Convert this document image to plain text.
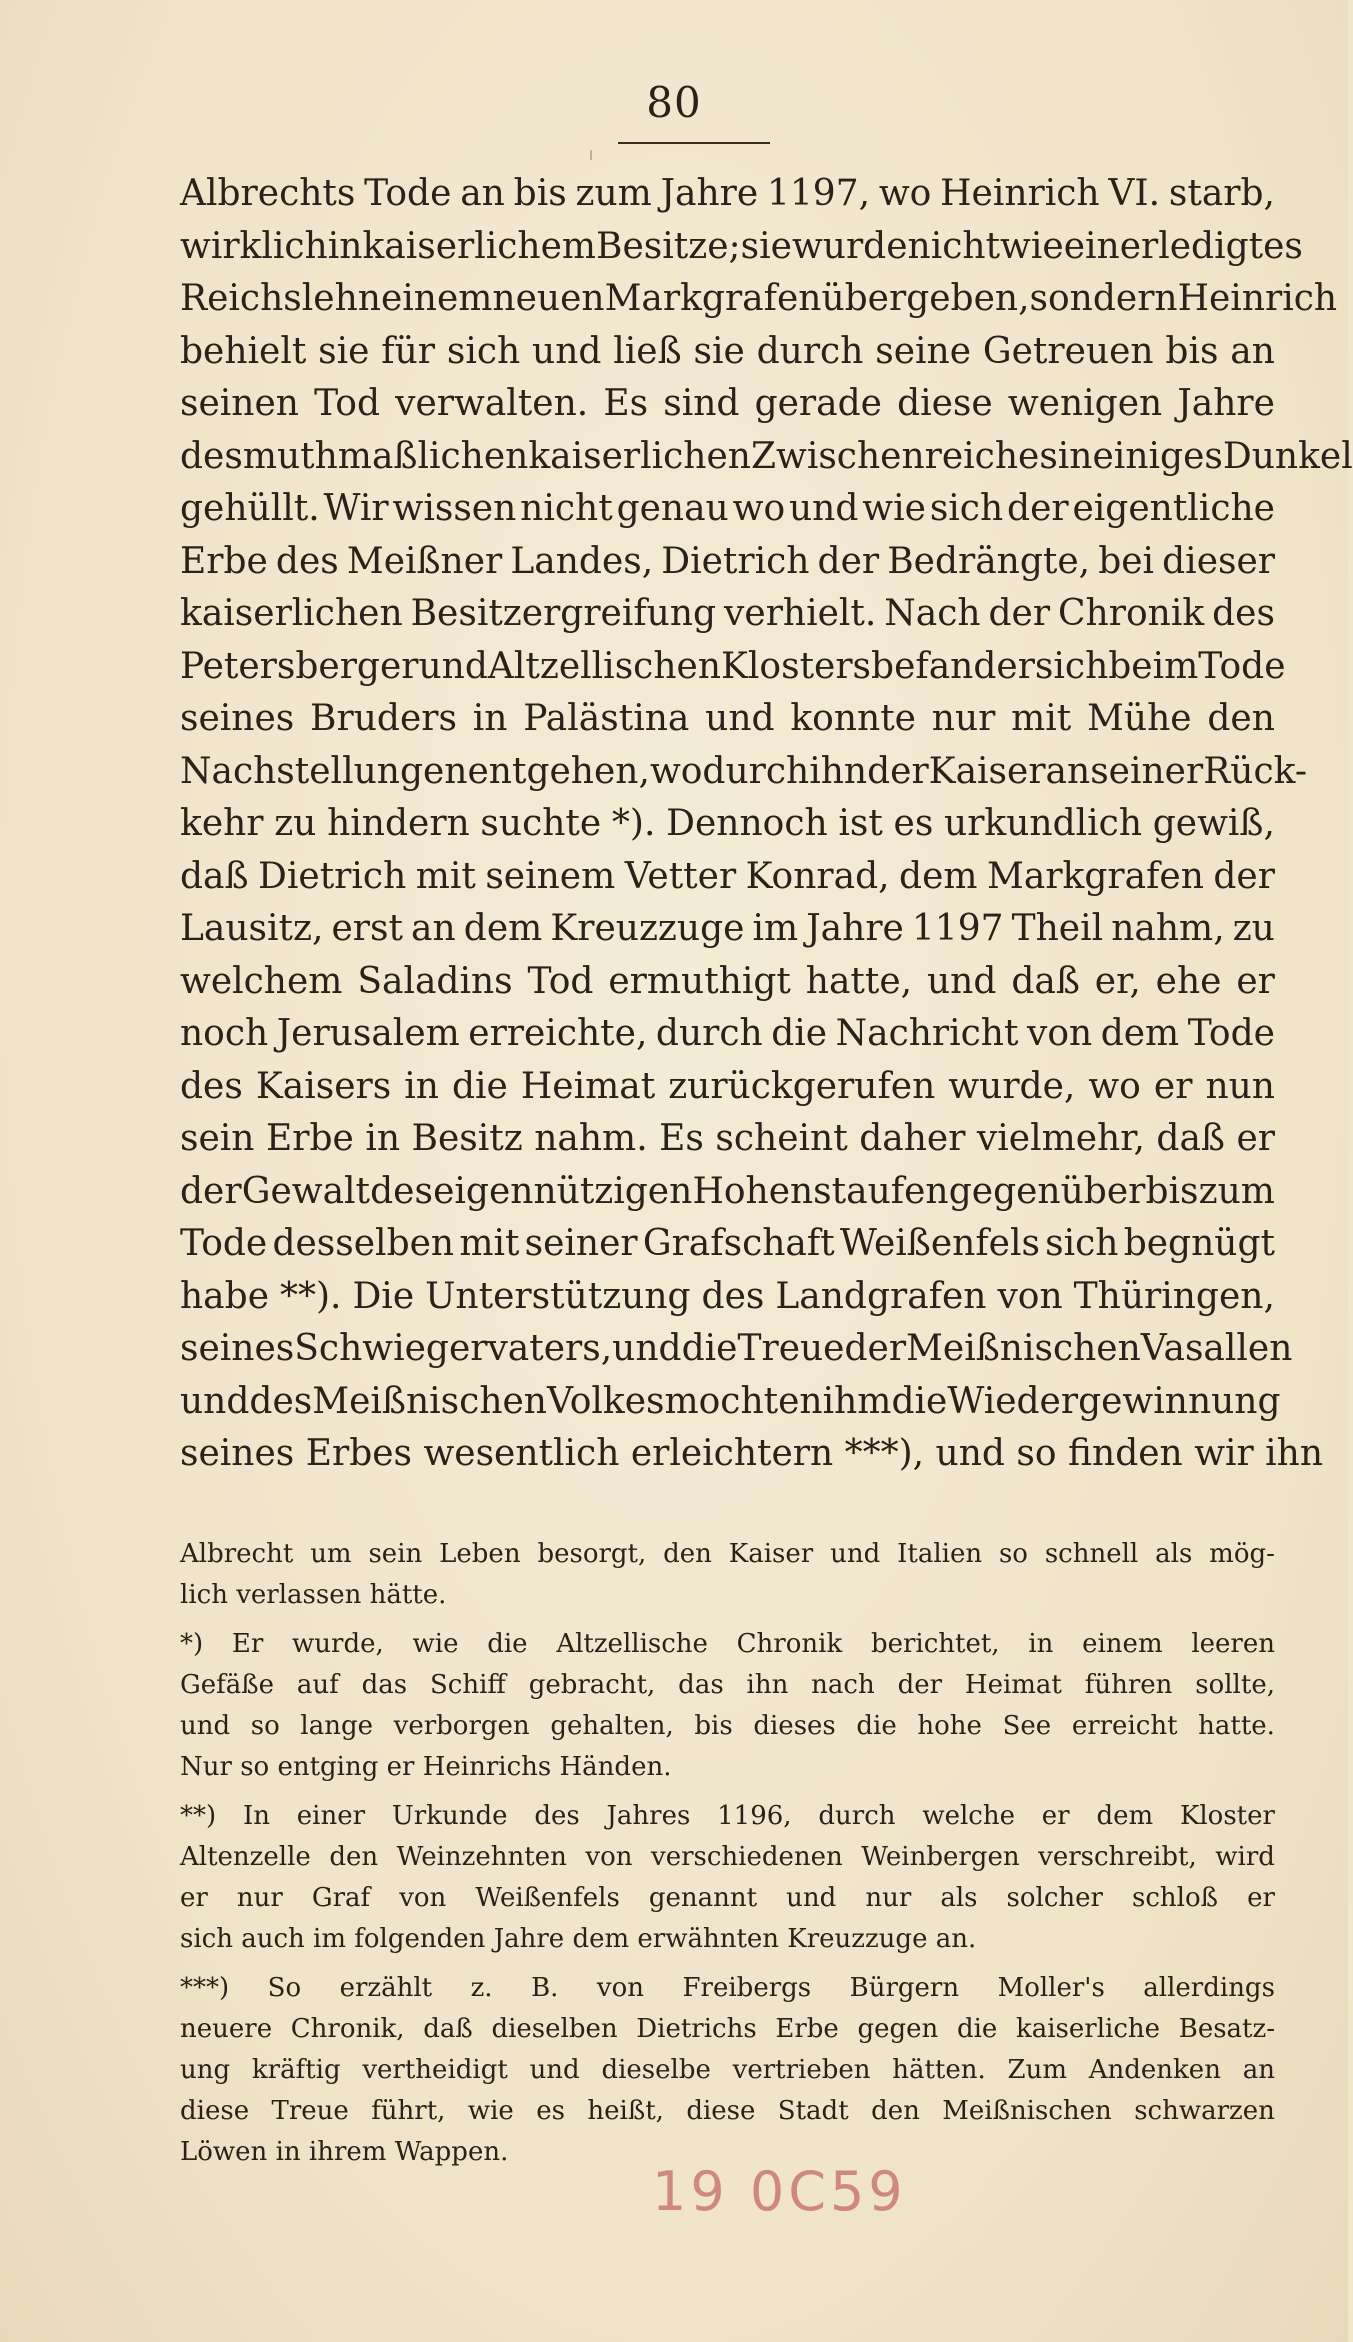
80
Albrechts Tode an bis zum Jahre 1197, wo Heinrich VI. starb,
wirklich in kaiserlichem Besitze; sie wurde nicht wie ein erledigtes
Reichslehn einem neuen Markgrafen übergeben, sondern Heinrich
behielt sie für sich und ließ sie durch seine Getreuen bis an
seinen Tod verwalten. Es sind gerade diese wenigen Jahre
des muthmaßlichen kaiserlichen Zwischenreiches in einiges Dunkel
gehüllt. Wir wissen nicht genau wo und wie sich der eigentliche
Erbe des Meißner Landes, Dietrich der Bedrängte, bei dieser
kaiserlichen Besitzergreifung verhielt. Nach der Chronik des
Petersberger und Altzellischen Klosters befand er sich beim Tode
seines Bruders in Palästina und konnte nur mit Mühe den
Nachstellungen entgehen, wodurch ihn der Kaiser an seiner Rück-
kehr zu hindern suchte *). Dennoch ist es urkundlich gewiß,
daß Dietrich mit seinem Vetter Konrad, dem Markgrafen der
Lausitz, erst an dem Kreuzzuge im Jahre 1197 Theil nahm, zu
welchem Saladins Tod ermuthigt hatte, und daß er, ehe er
noch Jerusalem erreichte, durch die Nachricht von dem Tode
des Kaisers in die Heimat zurückgerufen wurde, wo er nun
sein Erbe in Besitz nahm. Es scheint daher vielmehr, daß er
der Gewalt des eigennützigen Hohenstaufen gegenüber bis zum
Tode desselben mit seiner Grafschaft Weißenfels sich begnügt
habe **). Die Unterstützung des Landgrafen von Thüringen,
seines Schwiegervaters, und die Treue der Meißnischen Vasallen
und des Meißnischen Volkes mochten ihm die Wiedergewinnung
seines Erbes wesentlich erleichtern ***), und so finden wir ihn
Albrecht um sein Leben besorgt, den Kaiser und Italien so schnell als mög-
lich verlassen hätte.
*) Er wurde, wie die Altzellische Chronik berichtet, in einem leeren
Gefäße auf das Schiff gebracht, das ihn nach der Heimat führen sollte,
und so lange verborgen gehalten, bis dieses die hohe See erreicht hatte.
Nur so entging er Heinrichs Händen.
**) In einer Urkunde des Jahres 1196, durch welche er dem Kloster
Altenzelle den Weinzehnten von verschiedenen Weinbergen verschreibt, wird
er nur Graf von Weißenfels genannt und nur als solcher schloß er
sich auch im folgenden Jahre dem erwähnten Kreuzzuge an.
***) So erzählt z. B. von Freibergs Bürgern Moller's allerdings
neuere Chronik, daß dieselben Dietrichs Erbe gegen die kaiserliche Besatz-
ung kräftig vertheidigt und dieselbe vertrieben hätten. Zum Andenken an
diese Treue führt, wie es heißt, diese Stadt den Meißnischen schwarzen
Löwen in ihrem Wappen.
19 0C59
